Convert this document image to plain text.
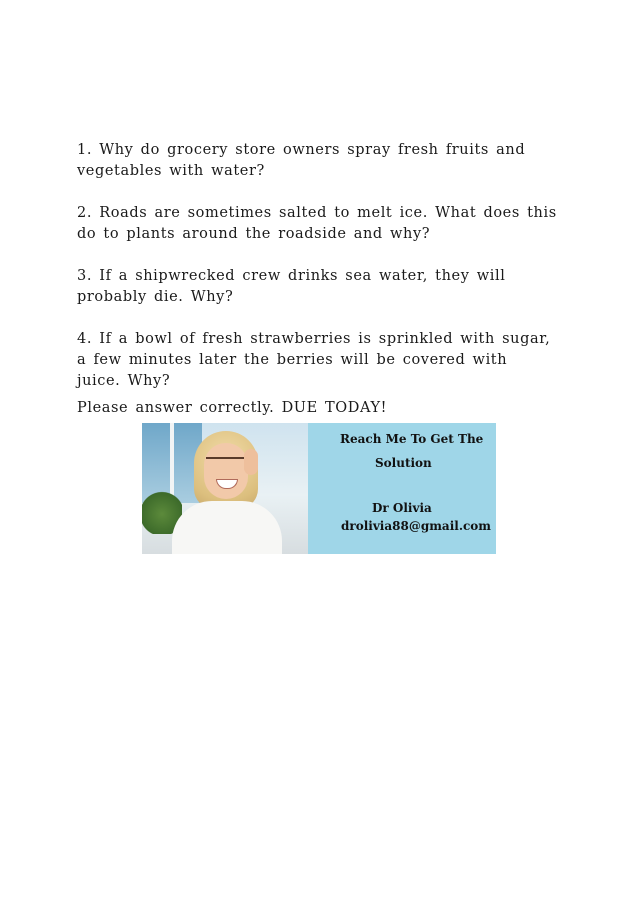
1. Why do grocery store owners spray fresh fruits and vegetables with water?

2. Roads are sometimes salted to melt ice. What does this do to plants around the roadside and why?

3. If a shipwrecked crew drinks sea water, they will probably die. Why?

4. If a bowl of fresh strawberries is sprinkled with sugar, a few minutes later the berries will be covered with juice. Why?

Please answer correctly. DUE TODAY!
Reach Me To Get The
Solution
Dr Olivia
drolivia88@gmail.com
